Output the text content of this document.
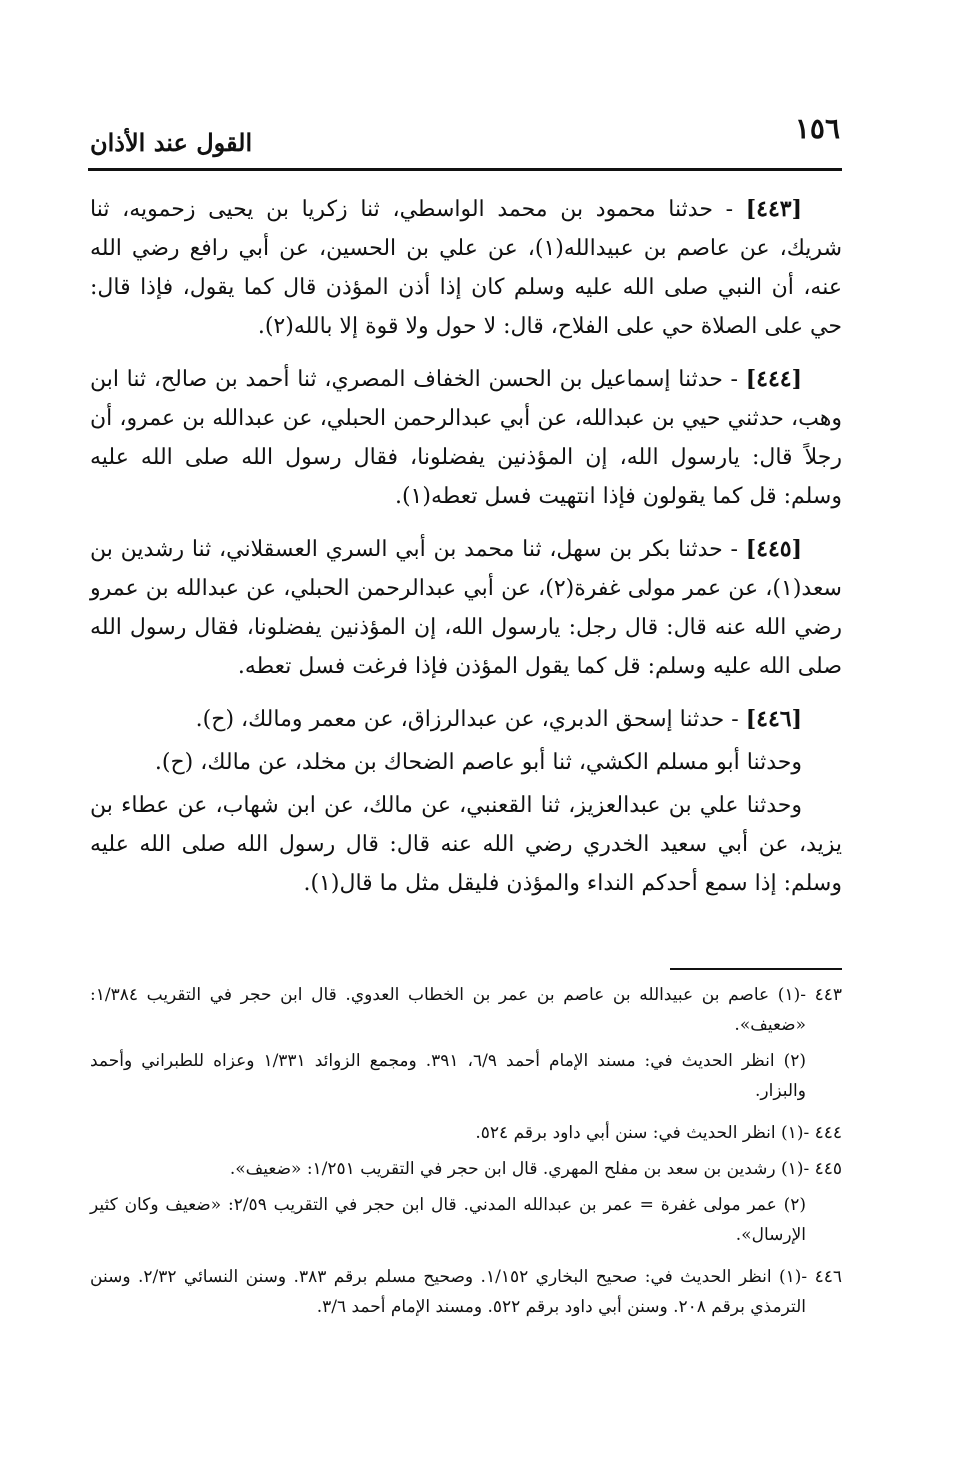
١٥٦
القول عند الأذان

[٤٤٣] - حدثنا محمود بن محمد الواسطي، ثنا زكريا بن يحيى زحمويه، ثنا شريك، عن عاصم بن عبيدالله(١)، عن علي بن الحسين، عن أبي رافع رضي الله عنه، أن النبي صلى الله عليه وسلم كان إذا أذن المؤذن قال كما يقول، فإذا قال: حي على الصلاة حي على الفلاح، قال: لا حول ولا قوة إلا بالله(٢).

[٤٤٤] - حدثنا إسماعيل بن الحسن الخفاف المصري، ثنا أحمد بن صالح، ثنا ابن وهب، حدثني حيي بن عبدالله، عن أبي عبدالرحمن الحبلي، عن عبدالله بن عمرو، أن رجلاً قال: يارسول الله، إن المؤذنين يفضلونا، فقال رسول الله صلى الله عليه وسلم: قل كما يقولون فإذا انتهيت فسل تعطه(١).

[٤٤٥] - حدثنا بكر بن سهل، ثنا محمد بن أبي السري العسقلاني، ثنا رشدين بن سعد(١)، عن عمر مولى غفرة(٢)، عن أبي عبدالرحمن الحبلي، عن عبدالله بن عمرو رضي الله عنه قال: قال رجل: يارسول الله، إن المؤذنين يفضلونا، فقال رسول الله صلى الله عليه وسلم: قل كما يقول المؤذن فإذا فرغت فسل تعطه.

[٤٤٦] - حدثنا إسحق الدبري، عن عبدالرزاق، عن معمر ومالك، (ح).

وحدثنا أبو مسلم الكشي، ثنا أبو عاصم الضحاك بن مخلد، عن مالك، (ح).

وحدثنا علي بن عبدالعزيز، ثنا القعنبي، عن مالك، عن ابن شهاب، عن عطاء بن يزيد، عن أبي سعيد الخدري رضي الله عنه قال: قال رسول الله صلى الله عليه وسلم: إذا سمع أحدكم النداء والمؤذن فليقل مثل ما قال(١).

٤٤٣ -(١) عاصم بن عبيدالله بن عاصم بن عمر بن الخطاب العدوي. قال ابن حجر في التقريب ١/٣٨٤: «ضعيف».

(٢) انظر الحديث في: مسند الإمام أحمد ٦/٩، ٣٩١. ومجمع الزوائد ١/٣٣١ وعزاه للطبراني وأحمد والبزار.

٤٤٤ -(١) انظر الحديث في: سنن أبي داود برقم ٥٢٤.

٤٤٥ -(١) رشدين بن سعد بن مفلح المهري. قال ابن حجر في التقريب ١/٢٥١: «ضعيف».

(٢) عمر مولى غفرة = عمر بن عبدالله المدني. قال ابن حجر في التقريب ٢/٥٩: «ضعيف وكان كثير الإرسال».

٤٤٦ -(١) انظر الحديث في: صحيح البخاري ١/١٥٢. وصحيح مسلم برقم ٣٨٣. وسنن النسائي ٢/٣٢. وسنن الترمذي برقم ٢٠٨. وسنن أبي داود برقم ٥٢٢. ومسند الإمام أحمد ٣/٦.
